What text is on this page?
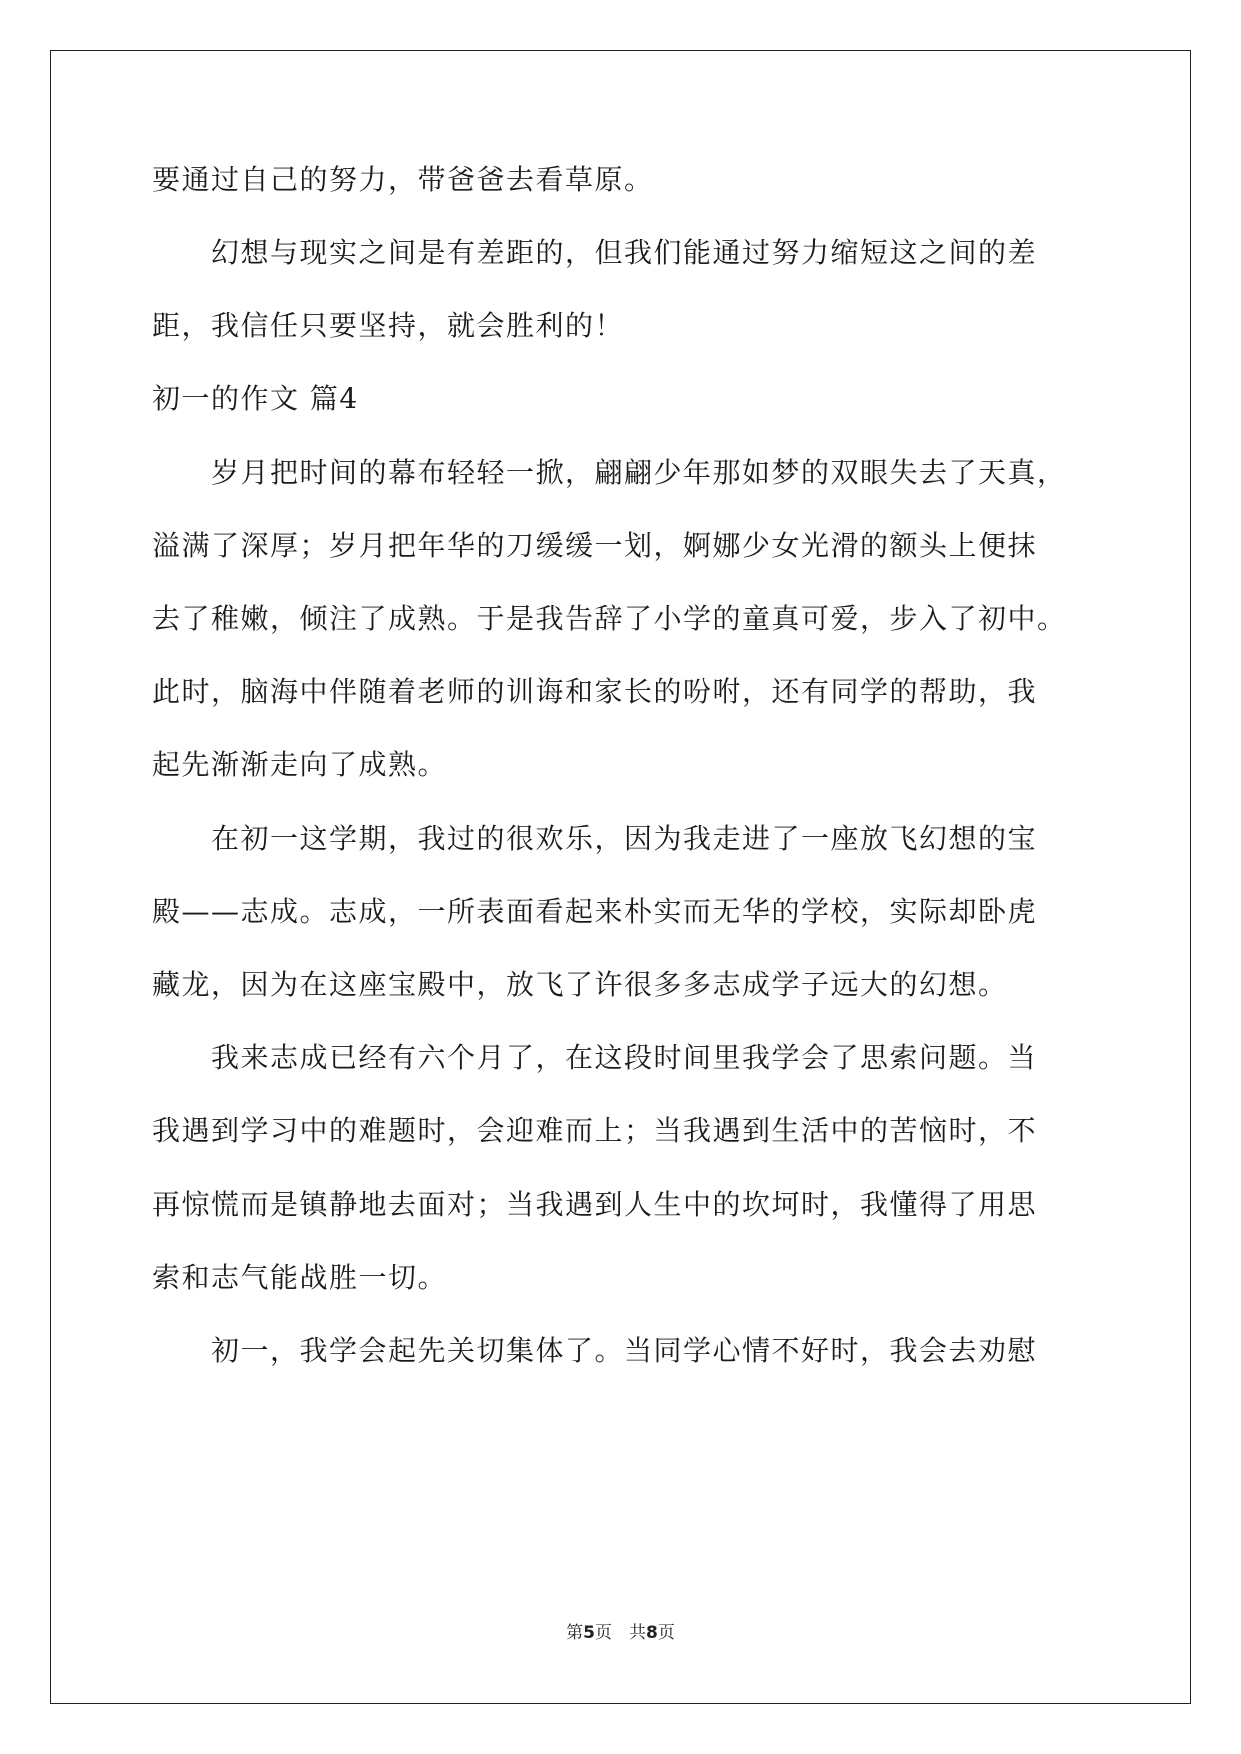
要通过自己的努力，带爸爸去看草原。
　　幻想与现实之间是有差距的，但我们能通过努力缩短这之间的差
距，我信任只要坚持，就会胜利的！
初一的作文 篇4
　　岁月把时间的幕布轻轻一掀，翩翩少年那如梦的双眼失去了天真，
溢满了深厚；岁月把年华的刀缓缓一划，婀娜少女光滑的额头上便抹
去了稚嫩，倾注了成熟。于是我告辞了小学的童真可爱，步入了初中。
此时，脑海中伴随着老师的训诲和家长的吩咐，还有同学的帮助，我
起先渐渐走向了成熟。
　　在初一这学期，我过的很欢乐，因为我走进了一座放飞幻想的宝
殿——志成。志成，一所表面看起来朴实而无华的学校，实际却卧虎
藏龙，因为在这座宝殿中，放飞了许很多多志成学子远大的幻想。
　　我来志成已经有六个月了，在这段时间里我学会了思索问题。当
我遇到学习中的难题时，会迎难而上；当我遇到生活中的苦恼时，不
再惊慌而是镇静地去面对；当我遇到人生中的坎坷时，我懂得了用思
索和志气能战胜一切。
　　初一，我学会起先关切集体了。当同学心情不好时，我会去劝慰
第5页　共8页
